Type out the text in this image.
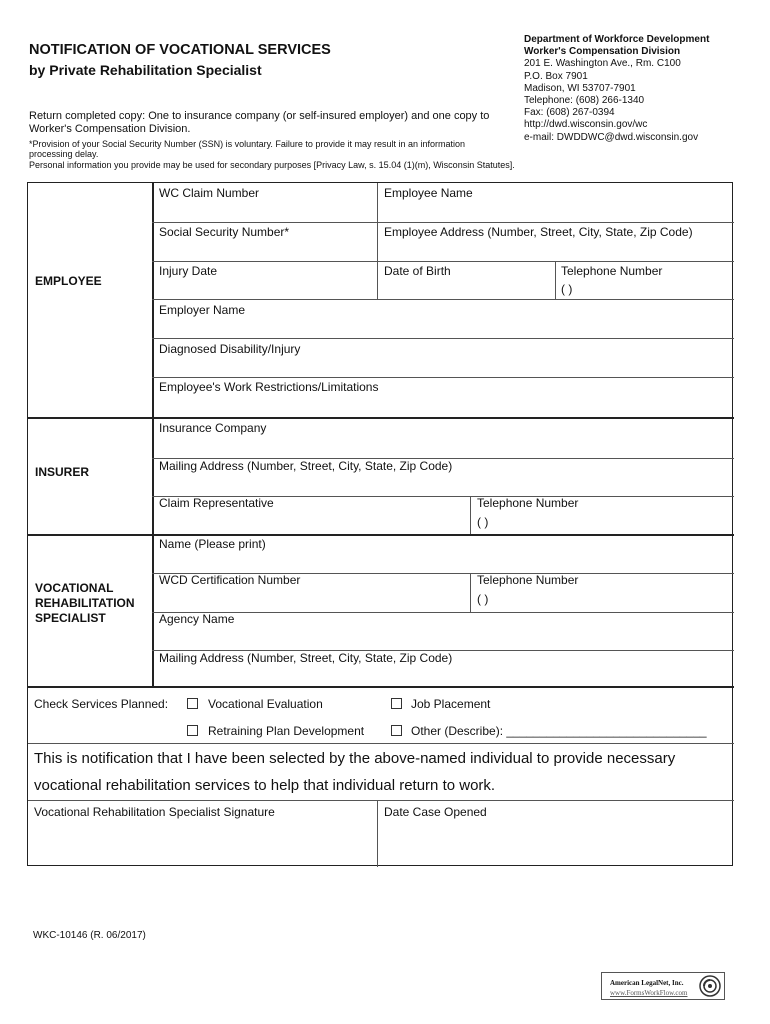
NOTIFICATION OF VOCATIONAL SERVICES
by Private Rehabilitation Specialist
Department of Workforce Development
Worker's Compensation Division
201 E. Washington Ave., Rm. C100
P.O. Box 7901
Madison, WI 53707-7901
Telephone: (608) 266-1340
Fax: (608) 267-0394
http://dwd.wisconsin.gov/wc
e-mail: DWDDWC@dwd.wisconsin.gov
Return completed copy: One to insurance company (or self-insured employer) and one copy to Worker's Compensation Division.
*Provision of your Social Security Number (SSN) is voluntary. Failure to provide it may result in an information processing delay.
Personal information you provide may be used for secondary purposes [Privacy Law, s. 15.04 (1)(m), Wisconsin Statutes].
WC Claim Number	Employee Name
Social Security Number*	Employee Address (Number, Street, City, State, Zip Code)
Injury Date	Date of Birth	Telephone Number
( )
Employer Name
Diagnosed Disability/Injury
Employee's Work Restrictions/Limitations
EMPLOYEE
Insurance Company
Mailing Address (Number, Street, City, State, Zip Code)
Claim Representative	Telephone Number
( )
INSURER
Name (Please print)
WCD Certification Number	Telephone Number
( )
Agency Name
Mailing Address (Number, Street, City, State, Zip Code)
VOCATIONAL
REHABILITATION
SPECIALIST
Check Services Planned:	Vocational Evaluation	Job Placement
Retraining Plan Development	Other (Describe): ______________________________
This is notification that I have been selected by the above-named individual to provide necessary
vocational rehabilitation services to help that individual return to work.
Vocational Rehabilitation Specialist Signature	Date Case Opened
WKC-10146 (R. 06/2017)
American LegalNet, Inc.
www.FormsWorkFlow.com
